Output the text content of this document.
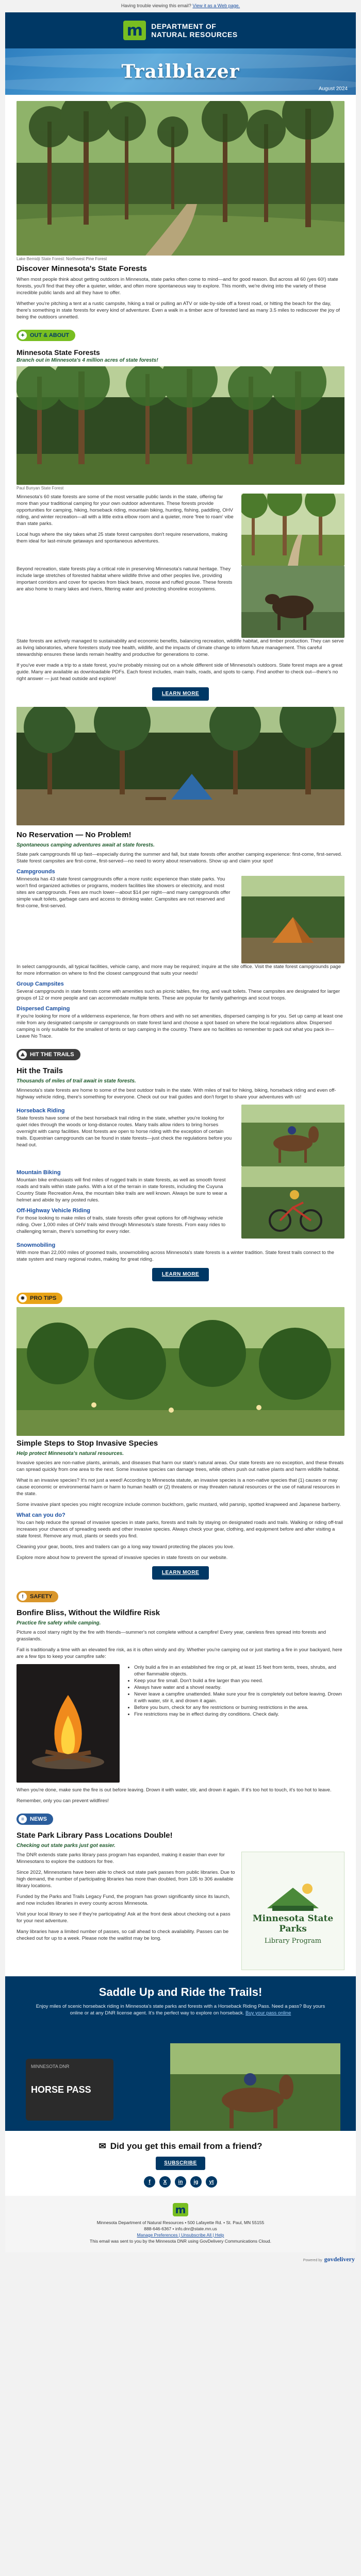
Having trouble viewing this email? View it as a Web page.
m DEPARTMENT OF
NATURAL RESOURCES
Trailblazer
August 2024
Lake Bemidji State Forest: Northwest Pine Forest
Discover Minnesota's State Forests

When most people think about getting outdoors in Minnesota, state parks often come to mind—and for good reason. But across all 60 (yes 60!) state forests, you'll find that they offer a quieter, wilder, and often more spontaneous way to explore. This month, we're diving into the variety of these incredible public lands and all they have to offer.

Whether you're pitching a tent at a rustic campsite, hiking a trail or pulling an ATV or side-by-side off a forest road, or hitting the beach for the day, there's something in state forests for every kind of adventurer. Even a walk in a timber acre of forested land as many 3.5 miles to rediscover the joy of being the outdoors unnetted.

✦ OUT & ABOUT
Minnesota State Forests
Branch out in Minnesota's 4 million acres of state forests!
Paul Bunyan State Forest

Minnesota's 60 state forests are some of the most versatile public lands in the state, offering far more than your traditional camping for your own outdoor adventures. These forests provide opportunities for camping, hiking, horseback riding, mountain biking, hunting, fishing, paddling, OHV riding, and winter recreation—all with a little extra elbow room and a quieter, more 'free to roam' vibe than state parks.

Local hugs where the sky takes what 25 state forest campsites don't require reservations, making them ideal for last-minute getaways and spontaneous adventures.

Beyond recreation, state forests play a critical role in preserving Minnesota's natural heritage. They include large stretches of forested habitat where wildlife thrive and other peoples live, providing important corridors and cover for species from black bears, moose and ruffed grouse. These forests are also home to many lakes and rivers, filtering water and protecting shoreline ecosystems.

State forests are actively managed to sustainability and economic benefits, balancing recreation, wildlife habitat, and timber production. They can serve as living laboratories, where foresters study tree health, wildlife, and the impacts of climate change to inform future management. This careful stewardship ensures these lands remain healthy and productive for generations to come.

If you've ever made a trip to a state forest, you're probably missing out on a whole different side of Minnesota's outdoors. State forest maps are a great guide. Many are available as downloadable PDFs. Each forest includes, main trails, roads, and spots to camp. Find another to check out—there's no right answer — just head outside and explore!

LEARN MORE
No Reservation — No Problem!
Spontaneous camping adventures await at state forests.

State park campgrounds fill up fast—especially during the summer and fall, but state forests offer another camping experience: first-come, first-served. State forest campsites are first-come, first-served—no need to worry about reservations. Show up and claim your spot!

Campgrounds

Minnesota has 43 state forest campgrounds offer a more rustic experience than state parks. You won't find organized activities or programs, modern facilities like showers or electricity, and most sites are campgrounds. Fees are much lower—about $14 per night—and many campgrounds offer simple vault toilets, garbage cans and access to drinking water. Campsites are not reserved and first-come, first-served.

In select campgrounds, all typical facilities, vehicle camp, and more may be required; inquire at the site office. Visit the state forest campgrounds page for more information on where to find the closest campground that suits your needs!

Group Campsites

Several campgrounds in state forests come with amenities such as picnic tables, fire ring, and vault toilets. These campsites are designated for larger groups of 12 or more people and can accommodate multiple tents. These are popular for family gatherings and scout troops.

Dispersed Camping

If you're looking for more of a wilderness experience, far from others and with no set amenities, dispersed camping is for you. Set up camp at least one mile from any designated campsite or campgrounds on state forest land and choose a spot based on where the local regulations allow. Dispersed camping is only suitable for the smallest of tents or tarp camping in the country. There are no facilities so remember to pack out what you pack in—Leave No Trace.

⛰ HIT THE TRAILS
Hit the Trails
Thousands of miles of trail await in state forests.

Minnesota's state forests are home to some of the best outdoor trails in the state. With miles of trail for hiking, biking, horseback riding and even off-highway vehicle riding, there's something for everyone. Check out our trail guides and don't forget to share your adventures with us!

Horseback Riding

State forests have some of the best horseback trail riding in the state, whether you're looking for quiet rides through the woods or long-distance routes. Many trails allow riders to bring horses overnight with camp facilities. Most forests are open to horse riding with the exception of certain trails. Equestrian campgrounds can be found in state forests—just check the regulations before you head out.

Mountain Biking

Mountain bike enthusiasts will find miles of rugged trails in state forests, as well as smooth forest roads and trails within state parks. With a lot of the terrain in state forests, including the Cuyuna Country State Recreation Area, the mountain bike trails are well known. Always be sure to wear a helmet and abide by any posted rules.

Off-Highway Vehicle Riding

For those looking to make miles of trails, state forests offer great options for off-highway vehicle riding. Over 1,000 miles of OHV trails wind through Minnesota's state forests. From easy rides to challenging terrain, there's something for every rider.

Snowmobiling

With more than 22,000 miles of groomed trails, snowmobiling across Minnesota's state forests is a winter tradition. State forest trails connect to the state system and many regional routes, making for great riding.

LEARN MORE
✸ PRO TIPS
Simple Steps to Stop Invasive Species
Help protect Minnesota's natural resources.

Invasive species are non-native plants, animals, and diseases that harm our state's natural areas. Our state forests are no exception, and these threats can spread quickly from one area to the next. Some invasive species can damage trees, while others push out native plants and harm wildlife habitat.

What is an invasive species? It's not just a weed! According to Minnesota statute, an invasive species is a non-native species that (1) causes or may cause economic or environmental harm or harm to human health or (2) threatens or may threaten natural resources or the use of natural resources in the state.

Some invasive plant species you might recognize include common buckthorn, garlic mustard, wild parsnip, spotted knapweed and Japanese barberry.

What can you do?

You can help reduce the spread of invasive species in state parks, forests and trails by staying on designated roads and trails. Walking or riding off-trail increases your chances of spreading seeds and other invasive species. Always check your gear, clothing, and equipment before and after visiting a state forest. Remove any mud, plants or seeds you find.

Cleaning your gear, boots, tires and trailers can go a long way toward protecting the places you love.

Explore more about how to prevent the spread of invasive species in state forests on our website.

LEARN MORE
!	SAFETY
Bonfire Bliss, Without the Wildfire Risk
Practice fire safety while camping.

Picture a cool starry night by the fire with friends—summer's not complete without a campfire! Every year, careless fires spread into forests and grasslands.

Fall is traditionally a time with an elevated fire risk, as it is often windy and dry. Whether you're camping out or just starting a fire in your backyard, here are a few tips to keep your campfire safe:

• Only build a fire in an established fire ring or pit, at least 15 feet from tents, trees, shrubs, and other flammable objects.
• Keep your fire small. Don't build a fire larger than you need.
• Always have water and a shovel nearby.
• Never leave a campfire unattended. Make sure your fire is completely out before leaving. Drown it with water, stir it, and drown it again.
• Before you burn, check for any fire restrictions or burning restrictions in the area.
• Fire restrictions may be in effect during dry conditions. Check daily.

When you're done, make sure the fire is out before leaving. Drown it with water, stir, and drown it again. If it's too hot to touch, it's too hot to leave.

Remember, only you can prevent wildfires!

≡	NEWS
State Park Library Pass Locations Double!
Checking out state parks just got easier.

The DNR extends state parks library pass program has expanded, making it easier than ever for Minnesotans to explore the outdoors for free.

Since 2022, Minnesotans have been able to check out state park passes from public libraries. Due to high demand, the number of participating libraries has more than doubled, from 135 to 306 available library locations.

Funded by the Parks and Trails Legacy Fund, the program has grown significantly since its launch, and now includes libraries in every county across Minnesota.

Visit your local library to see if they're participating! Ask at the front desk about checking out a pass for your next adventure.

Many libraries have a limited number of passes, so call ahead to check availability. Passes can be checked out for up to a week. Please note the waitlist may be long.

Minnesota State Parks
Library Program
Saddle Up and Ride the Trails!

Enjoy miles of scenic horseback riding in Minnesota's state parks and forests with a Horseback Riding Pass. Need a pass? Buy yours online or at any DNR license agent. It's the perfect way to explore on horseback. Buy your pass online

MINNESOTA DNR
HORSE PASS
✉ Did you get this email from a friend?
SUBSCRIBE
f	X	in	ig	yt
m
Minnesota Department of Natural Resources • 500 Lafayette Rd. • St. Paul, MN 55155
888-646-6367 • info.dnr@state.mn.us
Manage Preferences | Unsubscribe All | Help
This email was sent to you by the Minnesota DNR using GovDelivery Communications Cloud.
Powered by govdelivery
